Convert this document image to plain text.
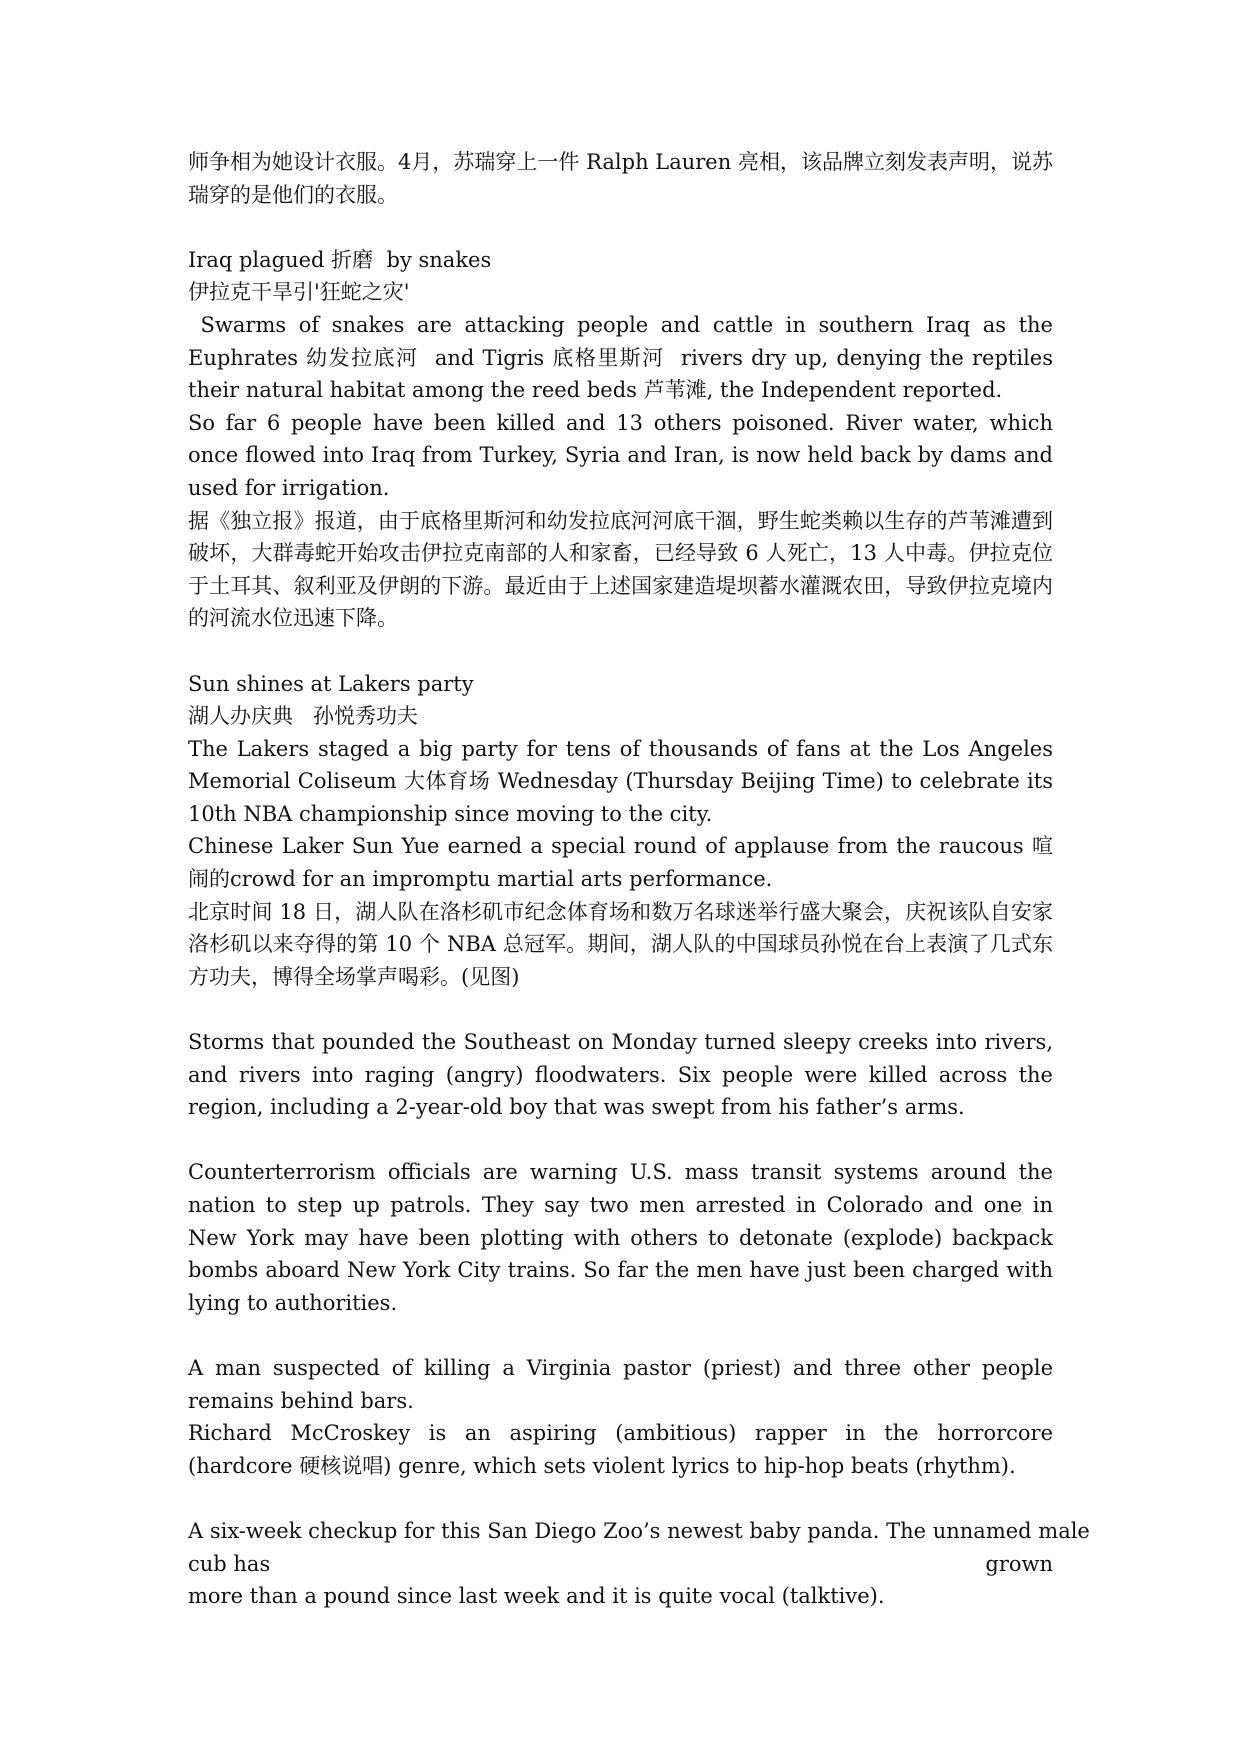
师争相为她设计衣服。4月，苏瑞穿上一件 Ralph Lauren 亮相，该品牌立刻发表声明，说苏瑞穿的是他们的衣服。

Iraq plagued 折磨  by snakes

伊拉克干旱引'狂蛇之灾'

Swarms of snakes are attacking people and cattle in southern Iraq as the Euphrates 幼发拉底河  and Tigris 底格里斯河  rivers dry up, denying the reptiles their natural habitat among the reed beds 芦苇滩, the Independent reported.

So far 6 people have been killed and 13 others poisoned. River water, which once flowed into Iraq from Turkey, Syria and Iran, is now held back by dams and used for irrigation.

据《独立报》报道，由于底格里斯河和幼发拉底河河底干涸，野生蛇类赖以生存的芦苇滩遭到破坏，大群毒蛇开始攻击伊拉克南部的人和家畜，已经导致 6 人死亡，13 人中毒。伊拉克位于土耳其、叙利亚及伊朗的下游。最近由于上述国家建造堤坝蓄水灌溉农田，导致伊拉克境内的河流水位迅速下降。

Sun shines at Lakers party

湖人办庆典   孙悦秀功夫

The Lakers staged a big party for tens of thousands of fans at the Los Angeles Memorial Coliseum 大体育场 Wednesday (Thursday Beijing Time) to celebrate its 10th NBA championship since moving to the city.

Chinese Laker Sun Yue earned a special round of applause from the raucous 喧闹的crowd for an impromptu martial arts performance.

北京时间 18 日，湖人队在洛杉矶市纪念体育场和数万名球迷举行盛大聚会，庆祝该队自安家洛杉矶以来夺得的第 10 个 NBA 总冠军。期间，湖人队的中国球员孙悦在台上表演了几式东方功夫，博得全场掌声喝彩。(见图)

Storms that pounded the Southeast on Monday turned sleepy creeks into rivers, and rivers into raging (angry) floodwaters. Six people were killed across the region, including a 2-year-old boy that was swept from his father’s arms.

Counterterrorism officials are warning U.S. mass transit systems around the nation to step up patrols. They say two men arrested in Colorado and one in New York may have been plotting with others to detonate (explode) backpack bombs aboard New York City trains. So far the men have just been charged with lying to authorities.

A man suspected of killing a Virginia pastor (priest) and three other people remains behind bars.

Richard McCroskey is an aspiring (ambitious) rapper in the horrorcore (hardcore 硬核说唱) genre, which sets violent lyrics to hip-hop beats (rhythm).

A six-week checkup for this San Diego Zoo’s newest baby panda. The unnamed male

cub has	grown

more than a pound since last week and it is quite vocal (talktive).
